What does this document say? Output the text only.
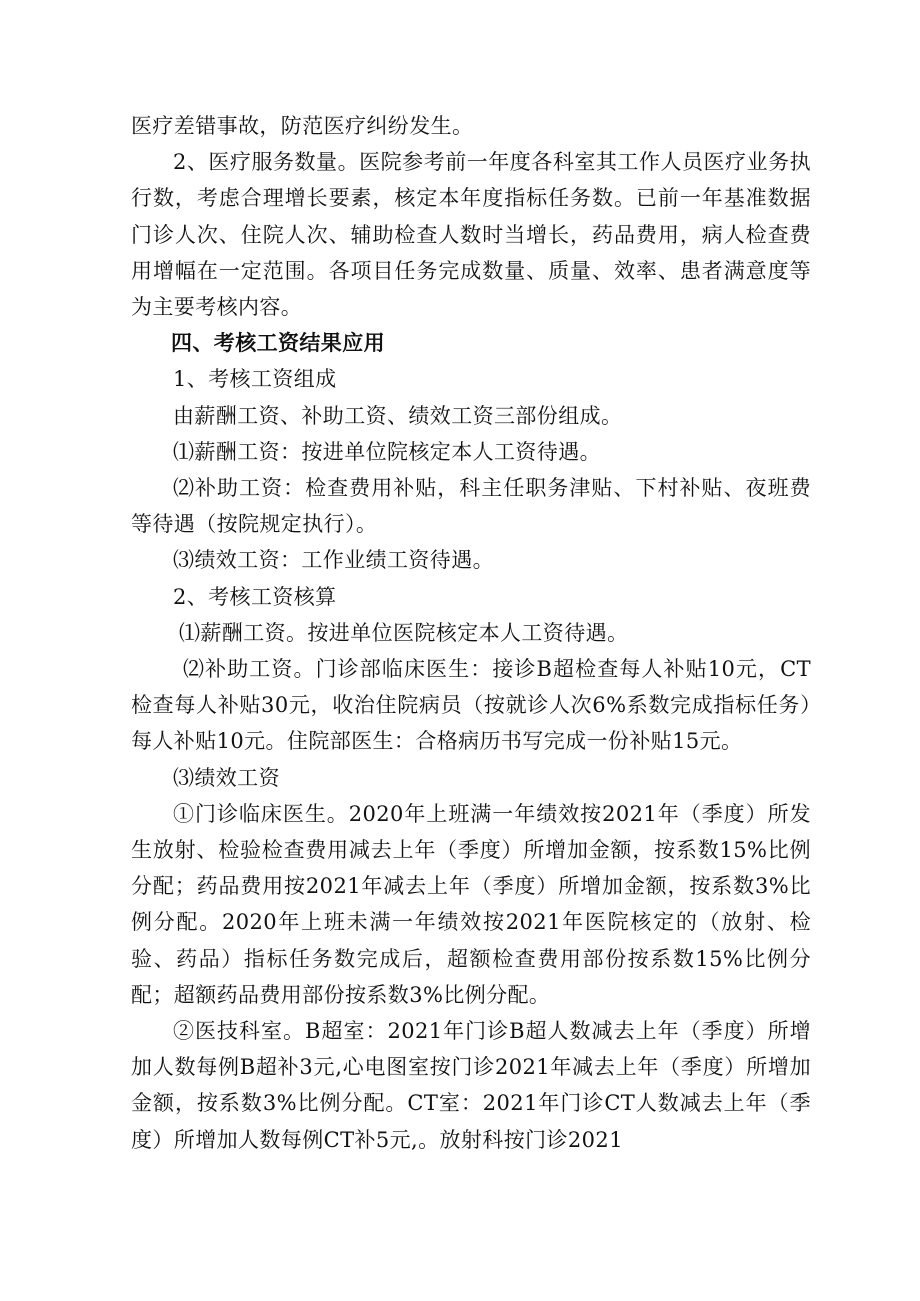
医疗差错事故，防范医疗纠纷发生。

2、医疗服务数量。医院参考前一年度各科室其工作人员医疗业务执行数，考虑合理增长要素，核定本年度指标任务数。已前一年基准数据门诊人次、住院人次、辅助检查人数时当增长，药品费用，病人检查费用增幅在一定范围。各项目任务完成数量、质量、效率、患者满意度等为主要考核内容。

四、考核工资结果应用

1、考核工资组成

由薪酬工资、补助工资、绩效工资三部份组成。

⑴薪酬工资：按进单位院核定本人工资待遇。

⑵补助工资：检查费用补贴，科主任职务津贴、下村补贴、夜班费等待遇（按院规定执行）。

⑶绩效工资：工作业绩工资待遇。

2、考核工资核算

⑴薪酬工资。按进单位医院核定本人工资待遇。

⑵补助工资。门诊部临床医生：接诊B超检查每人补贴10元，CT检查每人补贴30元，收治住院病员（按就诊人次6%系数完成指标任务）每人补贴10元。住院部医生：合格病历书写完成一份补贴15元。

⑶绩效工资

①门诊临床医生。2020年上班满一年绩效按2021年（季度）所发生放射、检验检查费用减去上年（季度）所增加金额，按系数15%比例分配；药品费用按2021年减去上年（季度）所增加金额，按系数3%比例分配。2020年上班未满一年绩效按2021年医院核定的（放射、检验、药品）指标任务数完成后，超额检查费用部份按系数15%比例分配；超额药品费用部份按系数3%比例分配。

②医技科室。B超室：2021年门诊B超人数减去上年（季度）所增加人数每例B超补3元,心电图室按门诊2021年减去上年（季度）所增加金额，按系数3%比例分配。CT室：2021年门诊CT人数减去上年（季度）所增加人数每例CT补5元,。放射科按门诊2021
